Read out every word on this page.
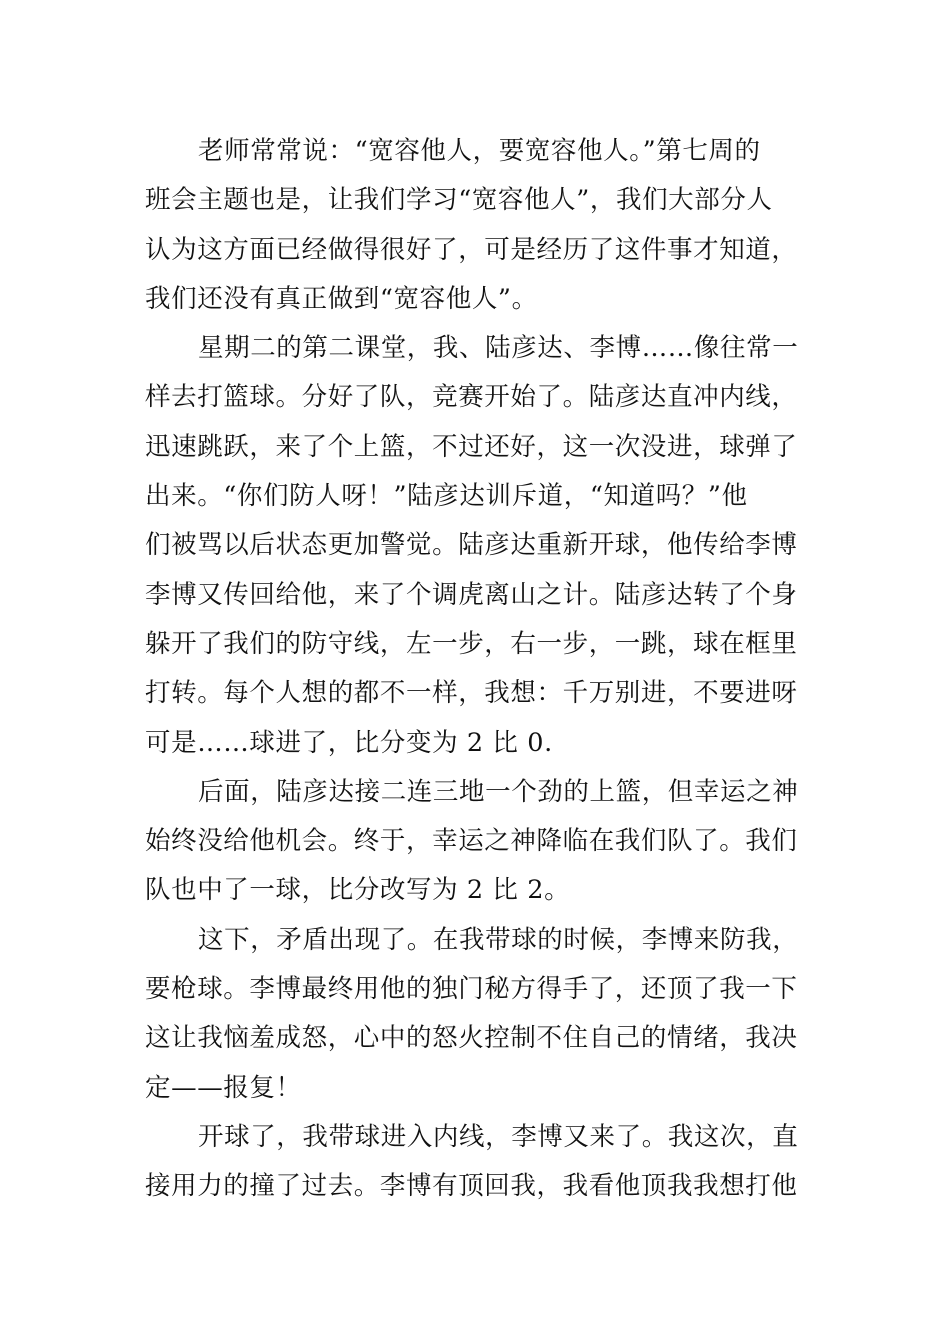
老师常常说：“宽容他人，要宽容他人。”第七周的
班会主题也是，让我们学习“宽容他人”，我们大部分人
认为这方面已经做得很好了，可是经历了这件事才知道，
我们还没有真正做到“宽容他人”。

星期二的第二课堂，我、陆彦达、李博……像往常一
样去打篮球。分好了队，竞赛开始了。陆彦达直冲内线，
迅速跳跃，来了个上篮，不过还好，这一次没进，球弹了
出来。“你们防人呀！”陆彦达训斥道，“知道吗？”他
们被骂以后状态更加警觉。陆彦达重新开球，他传给李博
李博又传回给他，来了个调虎离山之计。陆彦达转了个身
躲开了我们的防守线，左一步，右一步，一跳，球在框里
打转。每个人想的都不一样，我想：千万别进，不要进呀
可是……球进了，比分变为 2 比 0.

后面，陆彦达接二连三地一个劲的上篮，但幸运之神
始终没给他机会。终于，幸运之神降临在我们队了。我们
队也中了一球，比分改写为 2 比 2。

这下，矛盾出现了。在我带球的时候，李博来防我，
要枪球。李博最终用他的独门秘方得手了，还顶了我一下
这让我恼羞成怒，心中的怒火控制不住自己的情绪，我决
定——报复！

开球了，我带球进入内线，李博又来了。我这次，直
接用力的撞了过去。李博有顶回我，我看他顶我我想打他
